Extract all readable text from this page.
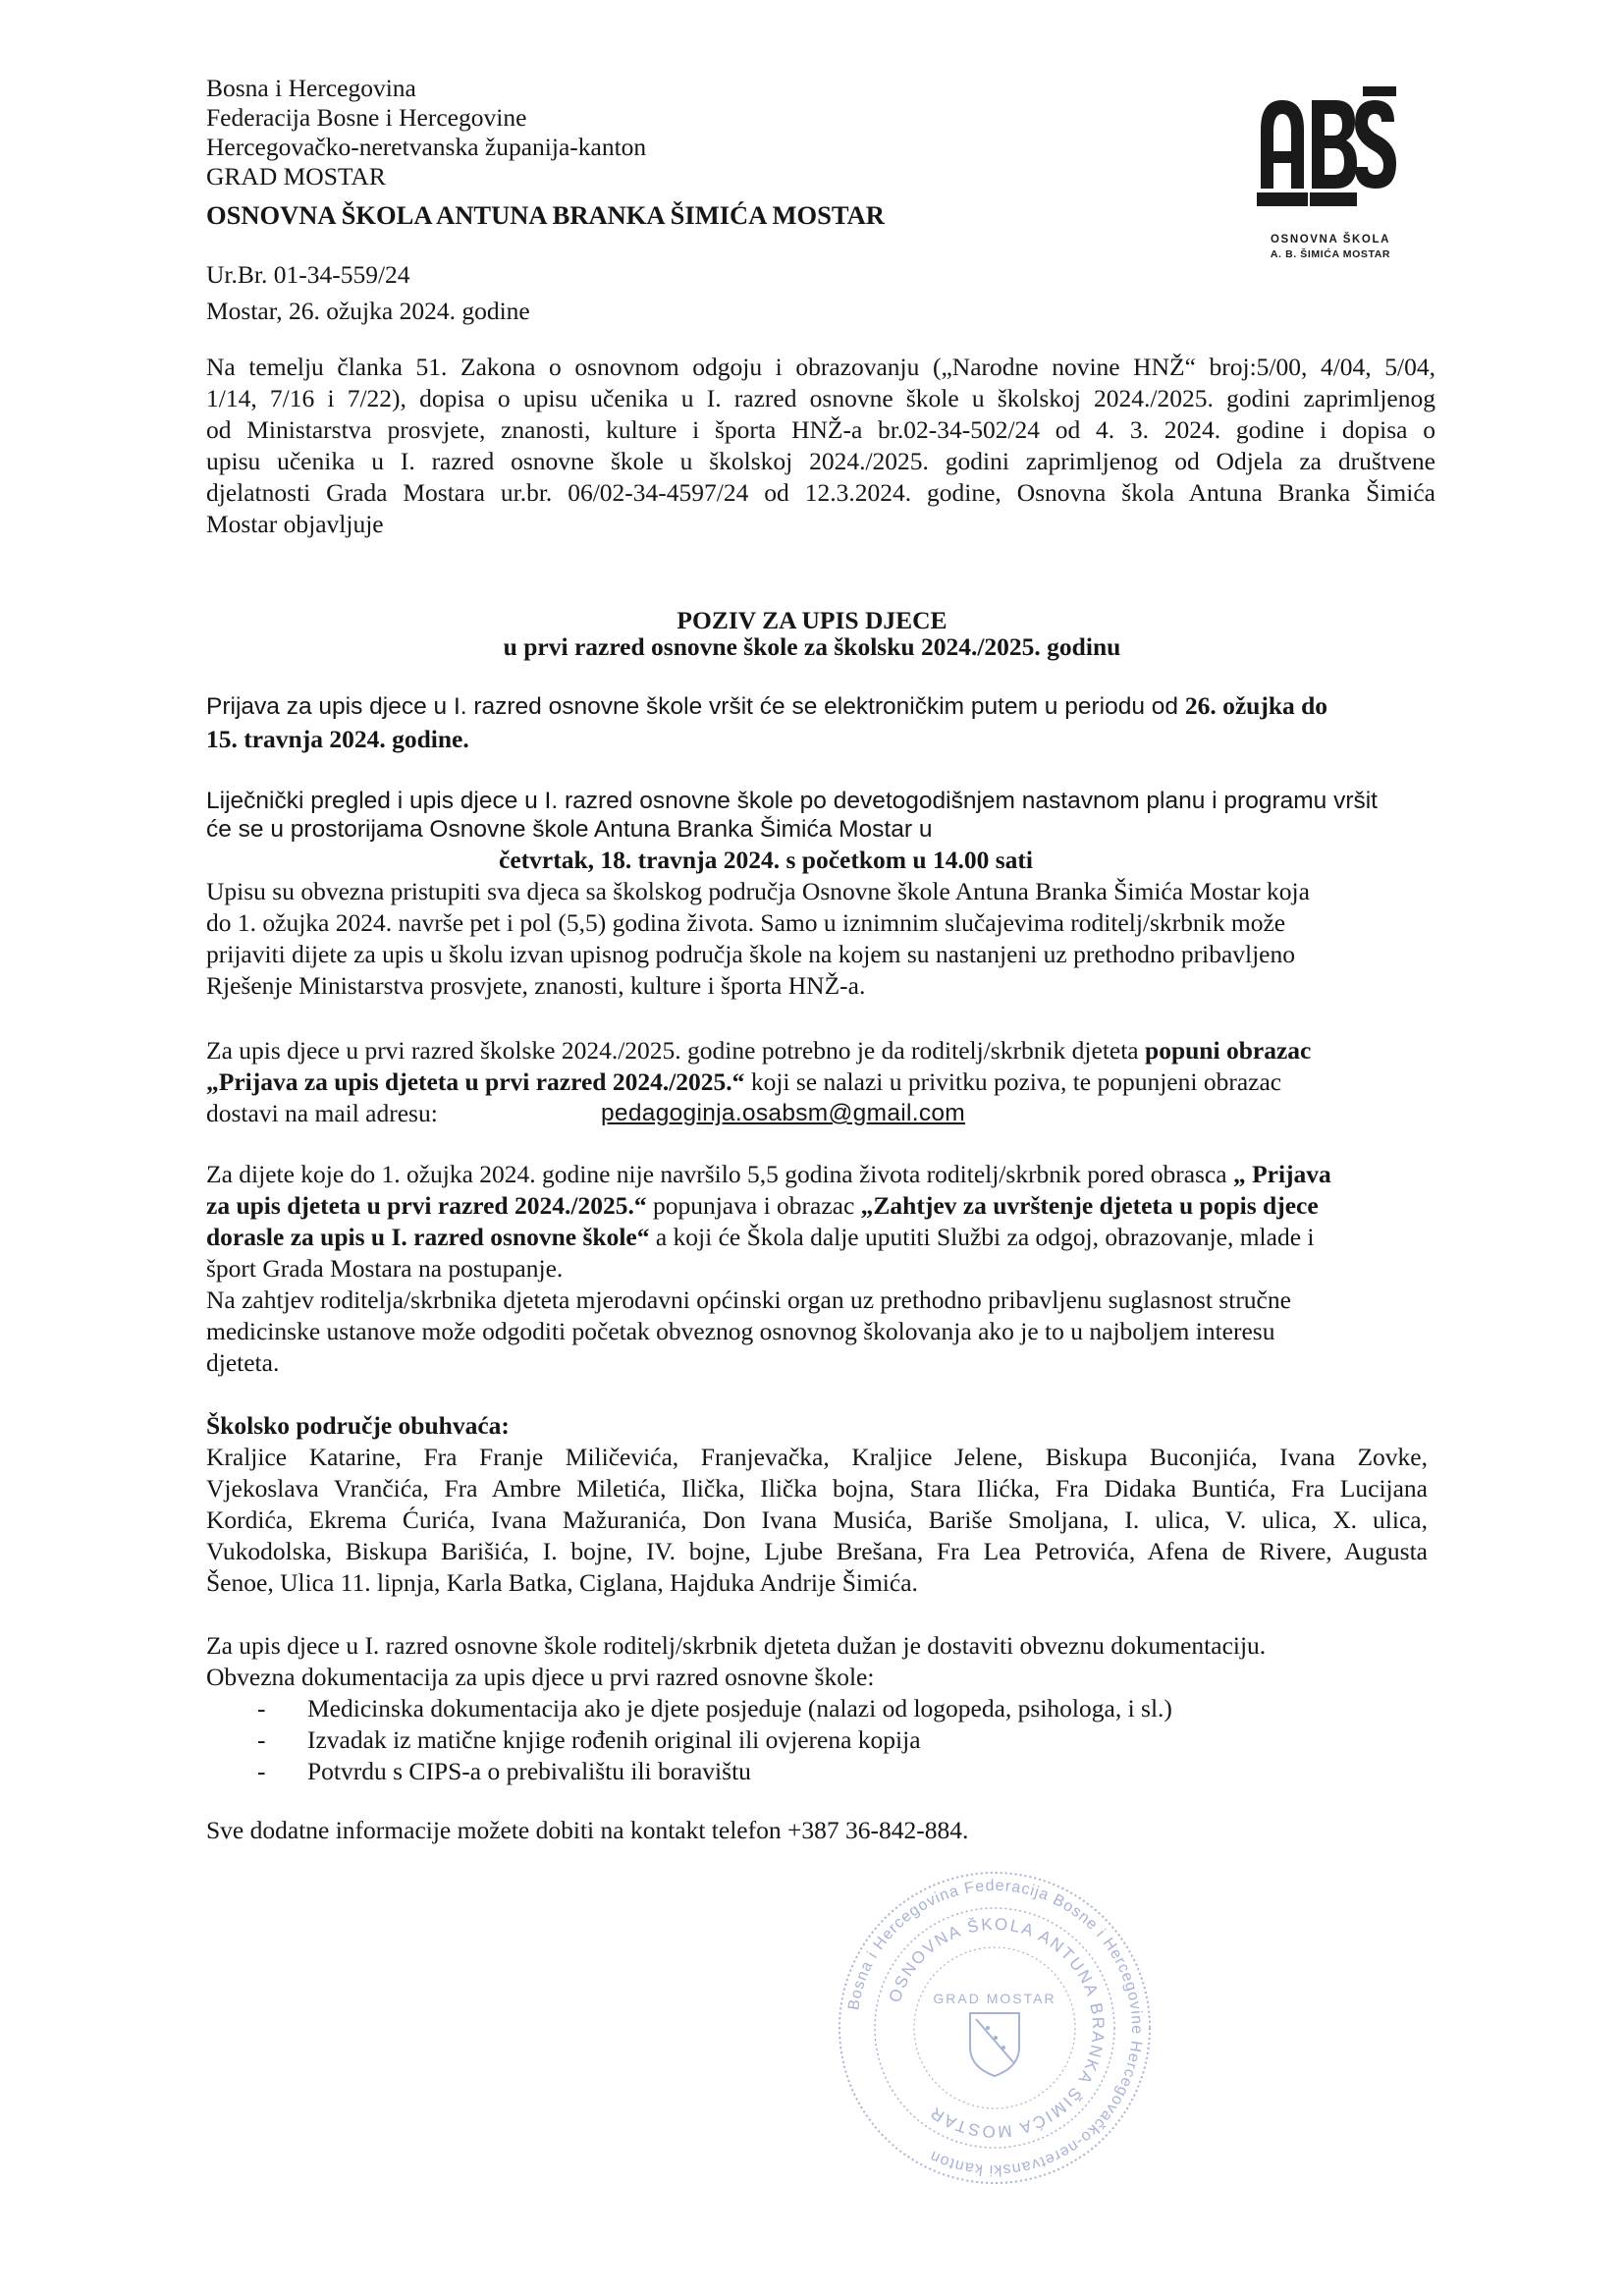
Bosna i Hercegovina
Federacija Bosne i Hercegovine
Hercegovačko-neretvanska županija-kanton
GRAD MOSTAR
OSNOVNA ŠKOLA ANTUNA BRANKA ŠIMIĆA MOSTAR
Ur.Br. 01-34-559/24
Mostar, 26. ožujka 2024. godine
OSNOVNA ŠKOLA
A. B. ŠIMIĆA MOSTAR
Na temelju članka 51. Zakona o osnovnom odgoju i obrazovanju („Narodne novine HNŽ“ broj:5/00, 4/04, 5/04,
1/14, 7/16 i 7/22), dopisa o upisu učenika u I. razred osnovne škole u školskoj 2024./2025. godini zaprimljenog
od Ministarstva prosvjete, znanosti, kulture i športa HNŽ-a br.02-34-502/24 od 4. 3. 2024. godine i dopisa o
upisu učenika u I. razred osnovne škole u školskoj 2024./2025. godini zaprimljenog od Odjela za društvene
djelatnosti Grada Mostara ur.br. 06/02-34-4597/24 od 12.3.2024. godine, Osnovna škola Antuna Branka Šimića
Mostar objavljuje
POZIV ZA UPIS DJECE
u prvi razred osnovne škole za školsku 2024./2025. godinu
Prijava za upis djece u I. razred osnovne škole vršit će se elektroničkim putem u periodu od 26. ožujka do
15. travnja 2024. godine.
Liječnički pregled i upis djece u I. razred osnovne škole po devetogodišnjem nastavnom planu i programu vršit
će se u prostorijama Osnovne škole Antuna Branka Šimića Mostar u
četvrtak, 18. travnja 2024. s početkom u 14.00 sati
Upisu su obvezna pristupiti sva djeca sa školskog područja Osnovne škole Antuna Branka Šimića Mostar koja
do 1. ožujka 2024. navrše pet i pol (5,5) godina života. Samo u iznimnim slučajevima roditelj/skrbnik može
prijaviti dijete za upis u školu izvan upisnog područja škole na kojem su nastanjeni uz prethodno pribavljeno
Rješenje Ministarstva prosvjete, znanosti, kulture i športa HNŽ-a.
Za upis djece u prvi razred školske 2024./2025. godine potrebno je da roditelj/skrbnik djeteta popuni obrazac
„Prijava za upis djeteta u prvi razred 2024./2025.“ koji se nalazi u privitku poziva, te popunjeni obrazac
dostavi na mail adresu:	pedagoginja.osabsm@gmail.com
Za dijete koje do 1. ožujka 2024. godine nije navršilo 5,5 godina života roditelj/skrbnik pored obrasca „ Prijava
za upis djeteta u prvi razred 2024./2025.“ popunjava i obrazac „Zahtjev za uvrštenje djeteta u popis djece
dorasle za upis u I. razred osnovne škole“ a koji će Škola dalje uputiti Službi za odgoj, obrazovanje, mlade i
šport Grada Mostara na postupanje.
Na zahtjev roditelja/skrbnika djeteta mjerodavni općinski organ uz prethodno pribavljenu suglasnost stručne
medicinske ustanove može odgoditi početak obveznog osnovnog školovanja ako je to u najboljem interesu
djeteta.
Školsko područje obuhvaća:
Kraljice Katarine, Fra Franje Miličevića, Franjevačka, Kraljice Jelene, Biskupa Buconjića, Ivana Zovke,
Vjekoslava Vrančića, Fra Ambre Miletića, Ilička, Ilička bojna, Stara Ilićka, Fra Didaka Buntića, Fra Lucijana
Kordića, Ekrema Ćurića, Ivana Mažuranića, Don Ivana Musića, Bariše Smoljana, I. ulica, V. ulica, X. ulica,
Vukodolska, Biskupa Barišića, I. bojne, IV. bojne, Ljube Brešana, Fra Lea Petrovića, Afena de Rivere, Augusta
Šenoe, Ulica 11. lipnja, Karla Batka, Ciglana, Hajduka Andrije Šimića.
Za upis djece u I. razred osnovne škole roditelj/skrbnik djeteta dužan je dostaviti obveznu dokumentaciju.
Obvezna dokumentacija za upis djece u prvi razred osnovne škole:
- Medicinska dokumentacija ako je djete posjeduje (nalazi od logopeda, psihologa, i sl.)
- Izvadak iz matične knjige rođenih original ili ovjerena kopija
- Potvrdu s CIPS-a o prebivalištu ili boravištu
Sve dodatne informacije možete dobiti na kontakt telefon +387 36-842-884.
Bosna i Hercegovina Federacija Bosne i Hercegovine Hercegovačko-neretvanski kanton
OSNOVNA ŠKOLA ANTUNA BRANKA ŠIMIĆA MOSTAR
GRAD MOSTAR
